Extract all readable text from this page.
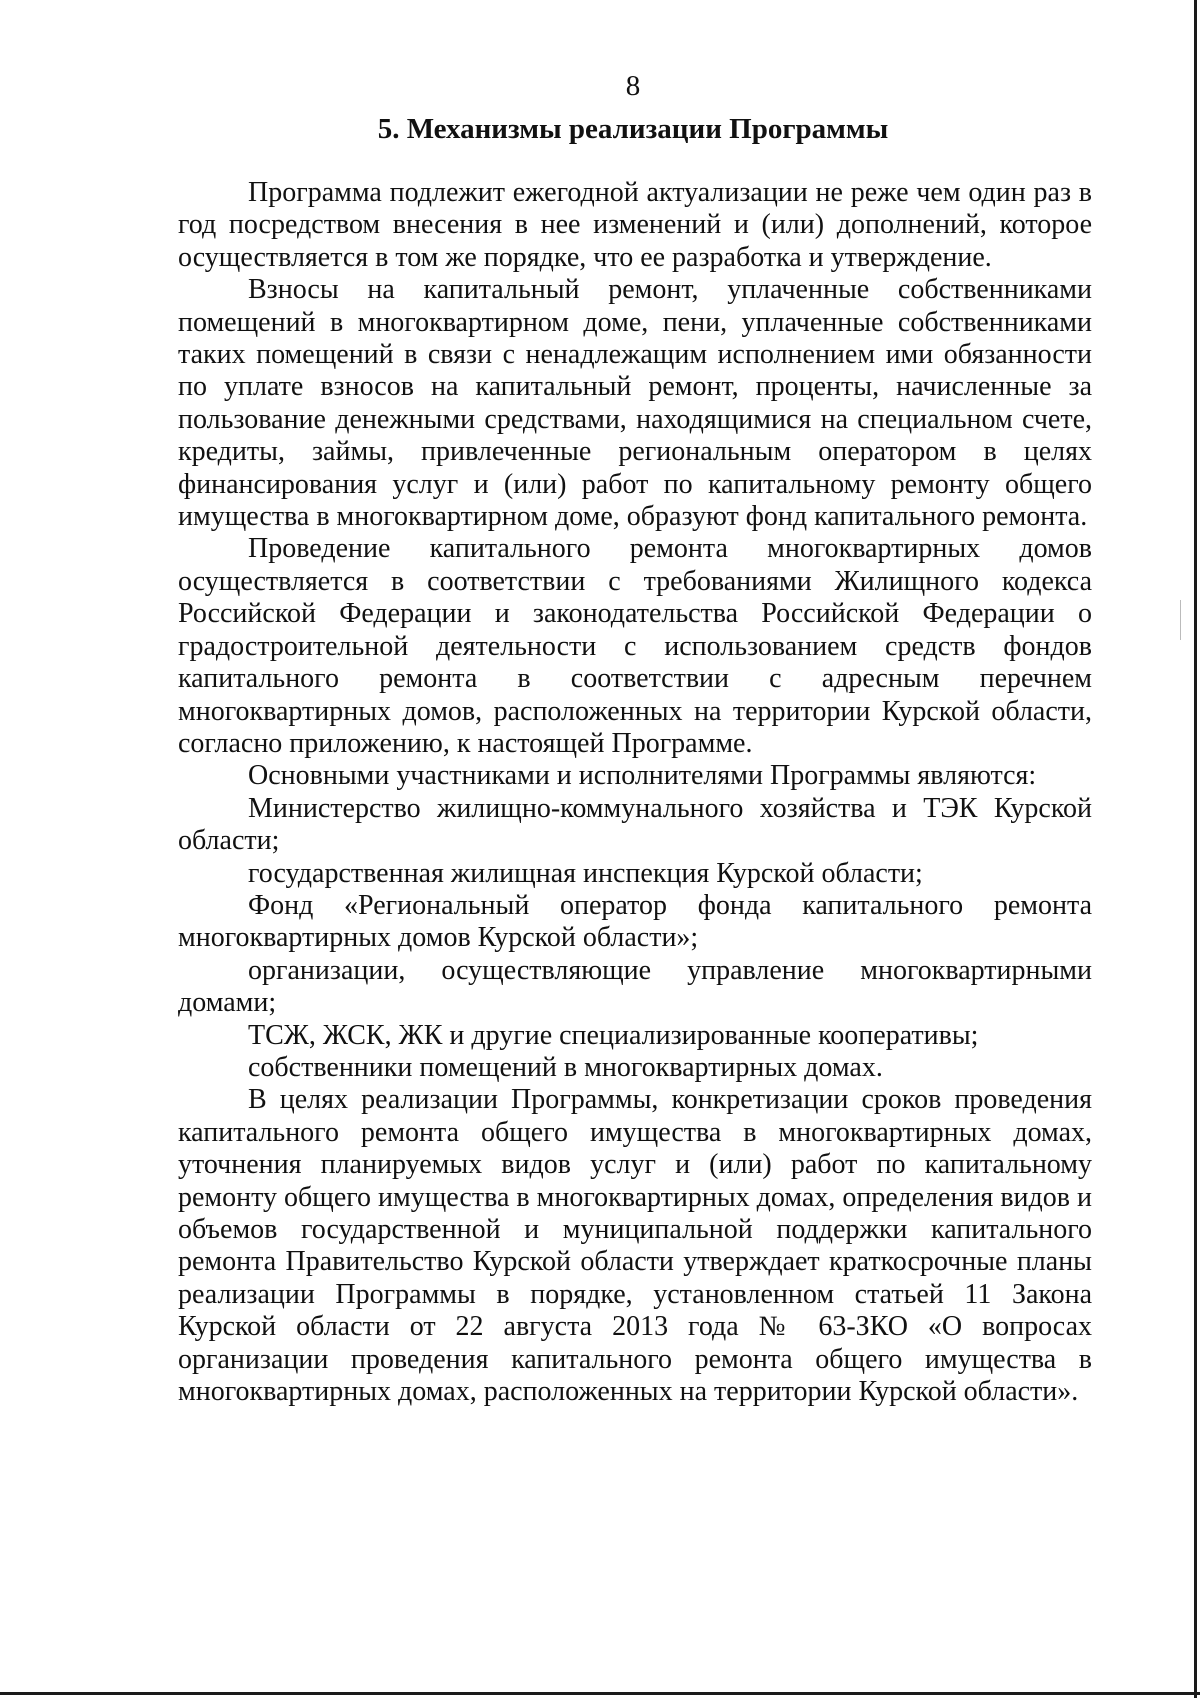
8
5. Механизмы реализации Программы

Программа подлежит ежегодной актуализации не реже чем один раз в год посредством внесения в нее изменений и (или) дополнений, которое осуществляется в том же порядке, что ее разработка и утверждение.

Взносы на капитальный ремонт, уплаченные собственниками помещений в многоквартирном доме, пени, уплаченные собственниками таких помещений в связи с ненадлежащим исполнением ими обязанности по уплате взносов на капитальный ремонт, проценты, начисленные за пользование денежными средствами, находящимися на специальном счете, кредиты, займы, привлеченные региональным оператором в целях финансирования услуг и (или) работ по капитальному ремонту общего имущества в многоквартирном доме, образуют фонд капитального ремонта.

Проведение капитального ремонта многоквартирных домов осуществляется в соответствии с требованиями Жилищного кодекса Российской Федерации и законодательства Российской Федерации о градостроительной деятельности с использованием средств фондов капитального ремонта в соответствии с адресным перечнем многоквартирных домов, расположенных на территории Курской области, согласно приложению, к настоящей Программе.

Основными участниками и исполнителями Программы являются:

Министерство жилищно-коммунального хозяйства и ТЭК Курской области;

государственная жилищная инспекция Курской области;

Фонд «Региональный оператор фонда капитального ремонта многоквартирных домов Курской области»;

организации, осуществляющие управление многоквартирными домами;

ТСЖ, ЖСК, ЖК и другие специализированные кооперативы;

собственники помещений в многоквартирных домах.

В целях реализации Программы, конкретизации сроков проведения капитального ремонта общего имущества в многоквартирных домах, уточнения планируемых видов услуг и (или) работ по капитальному ремонту общего имущества в многоквартирных домах, определения видов и объемов государственной и муниципальной поддержки капитального ремонта Правительство Курской области утверждает краткосрочные планы реализации Программы в порядке, установленном статьей 11 Закона Курской области от 22 августа 2013 года № 63-ЗКО «О вопросах организации проведения капитального ремонта общего имущества в многоквартирных домах, расположенных на территории Курской области».
